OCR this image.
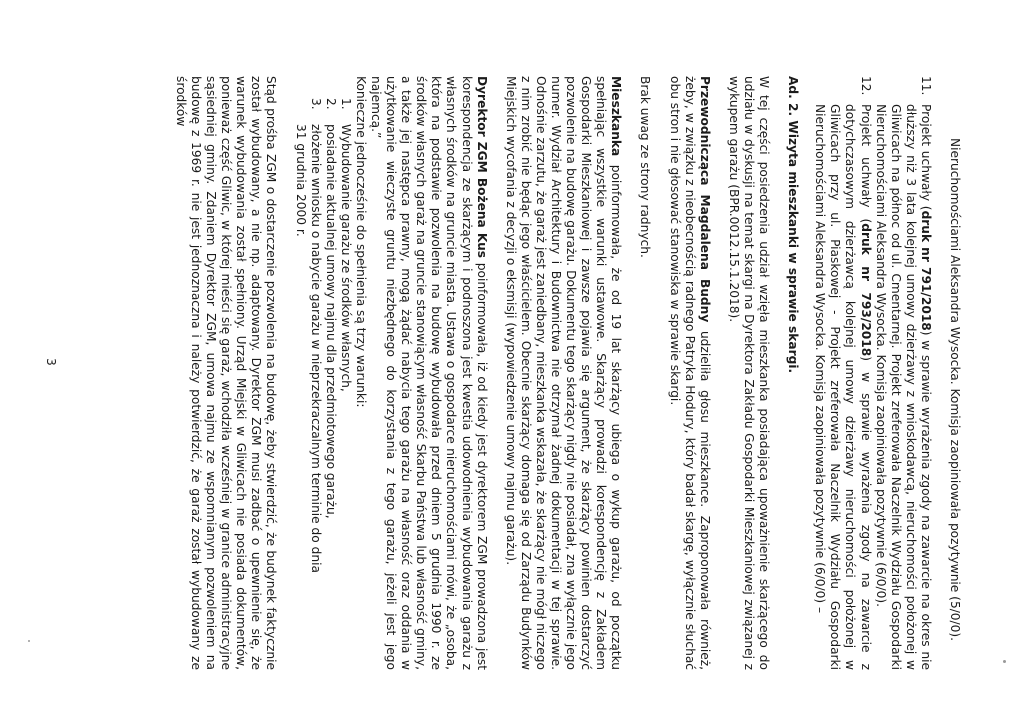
Nieruchomościami Aleksandra Wysocka. Komisja zaopiniowała pozytywnie (5/0/0).

11.
Projekt uchwały (druk nr 791/2018) w sprawie wyrażenia zgody na zawarcie na okres nie dłuższy niż 3 lata kolejnej umowy dzierżawy z wnioskodawcą, nieruchomości położonej w Gliwicach na północ od ul. Cmentarnej. Projekt zreferowała Naczelnik Wydziału Gospodarki Nieruchomościami Aleksandra Wysocka. Komisja zaopiniowała pozytywnie (6/0/0).
12.
Projekt uchwały (druk nr 793/2018) w sprawie wyrażenia zgody na zawarcie z dotychczasowym dzierżawcą kolejnej umowy dzierżawy nieruchomości położonej w Gliwicach przy ul. Piaskowej - Projekt zreferowała Naczelnik Wydziału Gospodarki Nieruchomościami Aleksandra Wysocka. Komisja zaopiniowała pozytywnie (6/0/0) –
Ad. 2. Wizyta mieszkanki w sprawie skargi.

W tej części posiedzenia udział wzięła mieszkanka posiadająca upoważnienie skarżącego do udziału w dyskusji na temat skargi na Dyrektora Zakładu Gospodarki Mieszkaniowej związanej z wykupem garażu (BPR.0012.15.1.2018).

Przewodnicząca Magdalena Budny udzieliła głosu mieszkance. Zaproponowała również, żeby, w związku z nieobecnością radnego Patryka Hodury, który badał skargę, wyłącznie słuchać obu stron i nie głosować stanowiska w sprawie skargi.

Brak uwag ze strony radnych.

Mieszkanka poinformowała, że od 19 lat skarżący ubiega o wykup garażu, od początku spełniając wszystkie warunki ustawowe. Skarżący prowadzi korespondencję z Zakładem Gospodarki Mieszkaniowej i zawsze pojawia się argument, że skarżący powinien dostarczyć pozwolenie na budowę garażu. Dokumentu tego skarżący nigdy nie posiadał, zna wyłącznie jego numer. Wydział Architektury i Budownictwa nie otrzymał żadnej dokumentacji w tej sprawie. Odnośnie zarzutu, że garaż jest zaniedbany, mieszkanka wskazała, że skarżący nie mógł niczego z nim zrobić nie będąc jego właścicielem. Obecnie skarżący domaga się od Zarządu Budynków Miejskich wycofania z decyzji o eksmisji (wypowiedzenie umowy najmu garażu).

Dyrektor ZGM Bożena Kus poinformowała, iż od kiedy jest dyrektorem ZGM prowadzona jest korespondencja ze skarżącym i podnoszona jest kwestia udowodnienia wybudowania garażu z własnych środków na gruncie miasta. Ustawa o gospodarce nieruchomościami mówi, że „osoba, która na podstawie pozwolenia na budowę wybudowała przed dniem 5 grudnia 1990 r. ze środków własnych garaż na gruncie stanowiącym własność Skarbu Państwa lub własność gminy, a także jej następca prawny, mogą żądać nabycia tego garażu na własność oraz oddania w użytkowanie wieczyste gruntu niezbędnego do korzystania z tego garażu, jeżeli jest jego najemcą.”

Konieczne jednocześnie do spełnienia są trzy warunki:
1.
Wybudowanie garażu ze środków własnych,
2.
posiadanie aktualnej umowy najmu dla przedmiotowego garażu,
3.
złożenie wniosku o nabycie garażu w nieprzekraczalnym terminie do dnia
31 grudnia 2000 r.

Stąd prośba ZGM o dostarczenie pozwolenia na budowę, żeby stwierdzić, że budynek faktycznie został wybudowany, a nie np. adaptowany. Dyrektor ZGM musi zadbać o upewnienie się, że warunek wybudowania został spełniony. Urząd Miejski w Gliwicach nie posiada dokumentów, ponieważ część Gliwic, w której mieści się garaż, wchodziła wcześniej w granice administracyjne sąsiedniej gminy. Zdaniem Dyrektor ZGM, umowa najmu ze wspomnianym pozwoleniem na budowę z 1969 r. nie jest jednoznaczna i należy potwierdzić, że garaż został wybudowany ze środków

3
